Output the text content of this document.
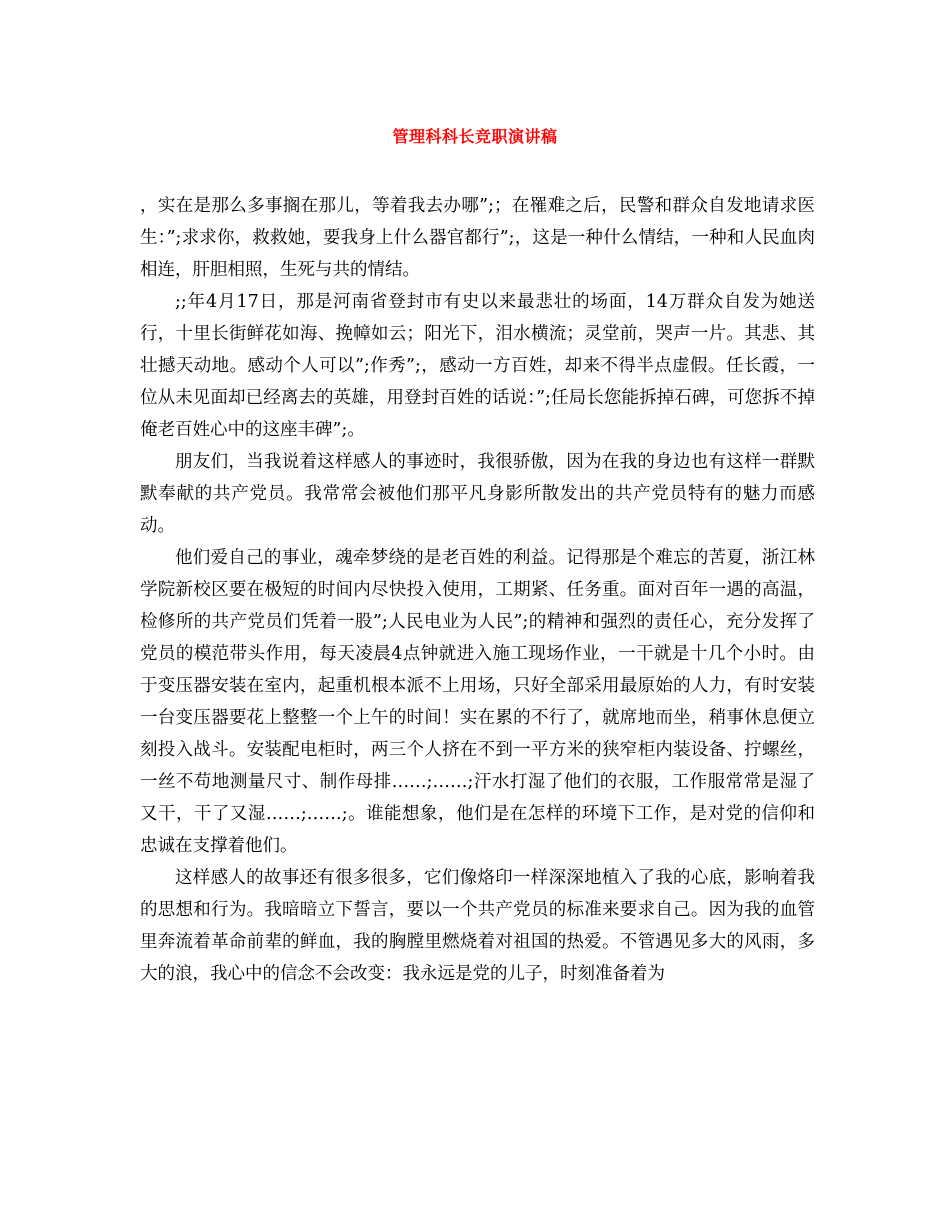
管理科科长竞职演讲稿

，实在是那么多事搁在那儿，等着我去办哪”;；在罹难之后，民警和群众自发地请求医生：”;求求你，救救她，要我身上什么器官都行”;，这是一种什么情结，一种和人民血肉相连，肝胆相照，生死与共的情结。

;;年4月17日，那是河南省登封市有史以来最悲壮的场面，14万群众自发为她送行，十里长街鲜花如海、挽幛如云；阳光下，泪水横流；灵堂前，哭声一片。其悲、其壮撼天动地。感动个人可以”;作秀”;，感动一方百姓，却来不得半点虚假。任长霞，一位从未见面却已经离去的英雄，用登封百姓的话说：”;任局长您能拆掉石碑，可您拆不掉俺老百姓心中的这座丰碑”;。

朋友们，当我说着这样感人的事迹时，我很骄傲，因为在我的身边也有这样一群默默奉献的共产党员。我常常会被他们那平凡身影所散发出的共产党员特有的魅力而感动。

他们爱自己的事业，魂牵梦绕的是老百姓的利益。记得那是个难忘的苦夏，浙江林学院新校区要在极短的时间内尽快投入使用，工期紧、任务重。面对百年一遇的高温，检修所的共产党员们凭着一股”;人民电业为人民”;的精神和强烈的责任心，充分发挥了党员的模范带头作用，每天凌晨4点钟就进入施工现场作业，一干就是十几个小时。由于变压器安装在室内，起重机根本派不上用场，只好全部采用最原始的人力，有时安装一台变压器要花上整整一个上午的时间！实在累的不行了，就席地而坐，稍事休息便立刻投入战斗。安装配电柜时，两三个人挤在不到一平方米的狭窄柜内装设备、拧螺丝，一丝不苟地测量尺寸、制作母排……;……;汗水打湿了他们的衣服，工作服常常是湿了又干，干了又湿……;……;。谁能想象，他们是在怎样的环境下工作，是对党的信仰和忠诚在支撑着他们。

这样感人的故事还有很多很多，它们像烙印一样深深地植入了我的心底，影响着我的思想和行为。我暗暗立下誓言，要以一个共产党员的标准来要求自己。因为我的血管里奔流着革命前辈的鲜血，我的胸膛里燃烧着对祖国的热爱。不管遇见多大的风雨，多大的浪，我心中的信念不会改变：我永远是党的儿子，时刻准备着为
